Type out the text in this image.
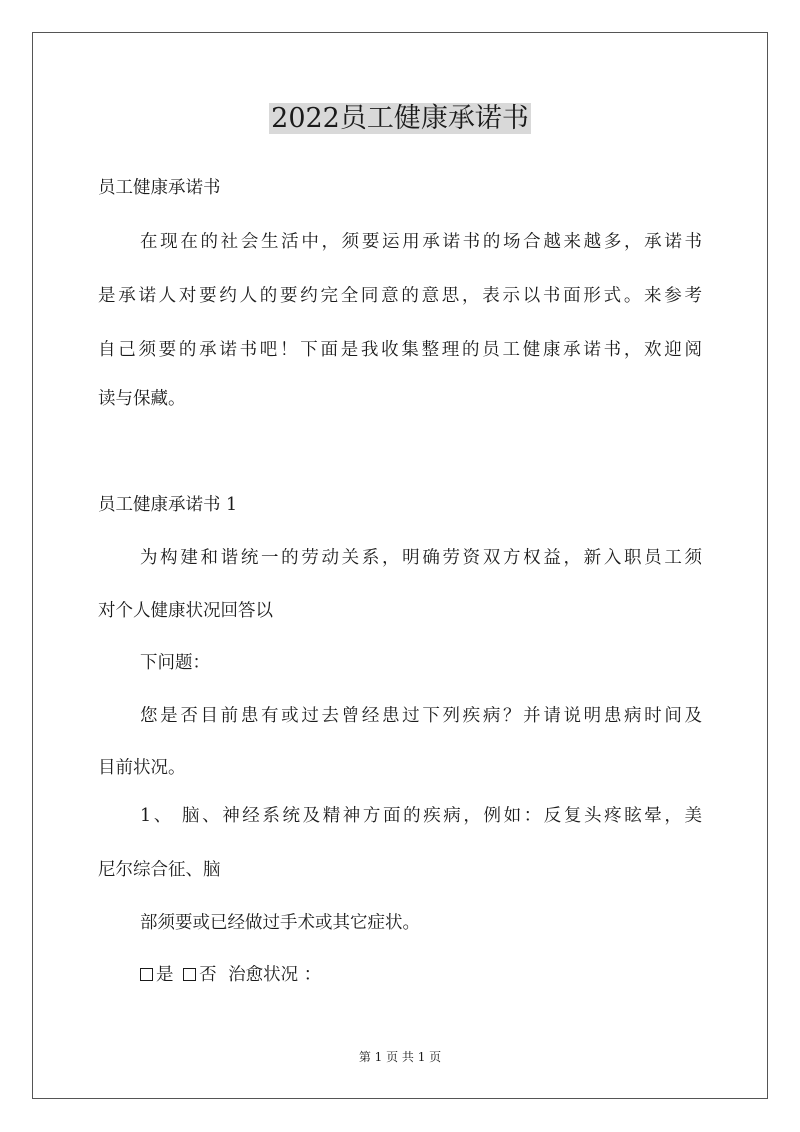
2022员工健康承诺书

员工健康承诺书

在现在的社会生活中，须要运用承诺书的场合越来越多，承诺书

是承诺人对要约人的要约完全同意的意思，表示以书面形式。来参考

自己须要的承诺书吧！下面是我收集整理的员工健康承诺书，欢迎阅

读与保藏。

员工健康承诺书 1

为构建和谐统一的劳动关系，明确劳资双方权益，新入职员工须

对个人健康状况回答以

下问题：

您是否目前患有或过去曾经患过下列疾病？并请说明患病时间及

目前状况。

1、 脑、神经系统及精神方面的疾病，例如：反复头疼眩晕，美

尼尔综合征、脑

部须要或已经做过手术或其它症状。

是 否 治愈状况 ：

第 1 页 共 1 页
